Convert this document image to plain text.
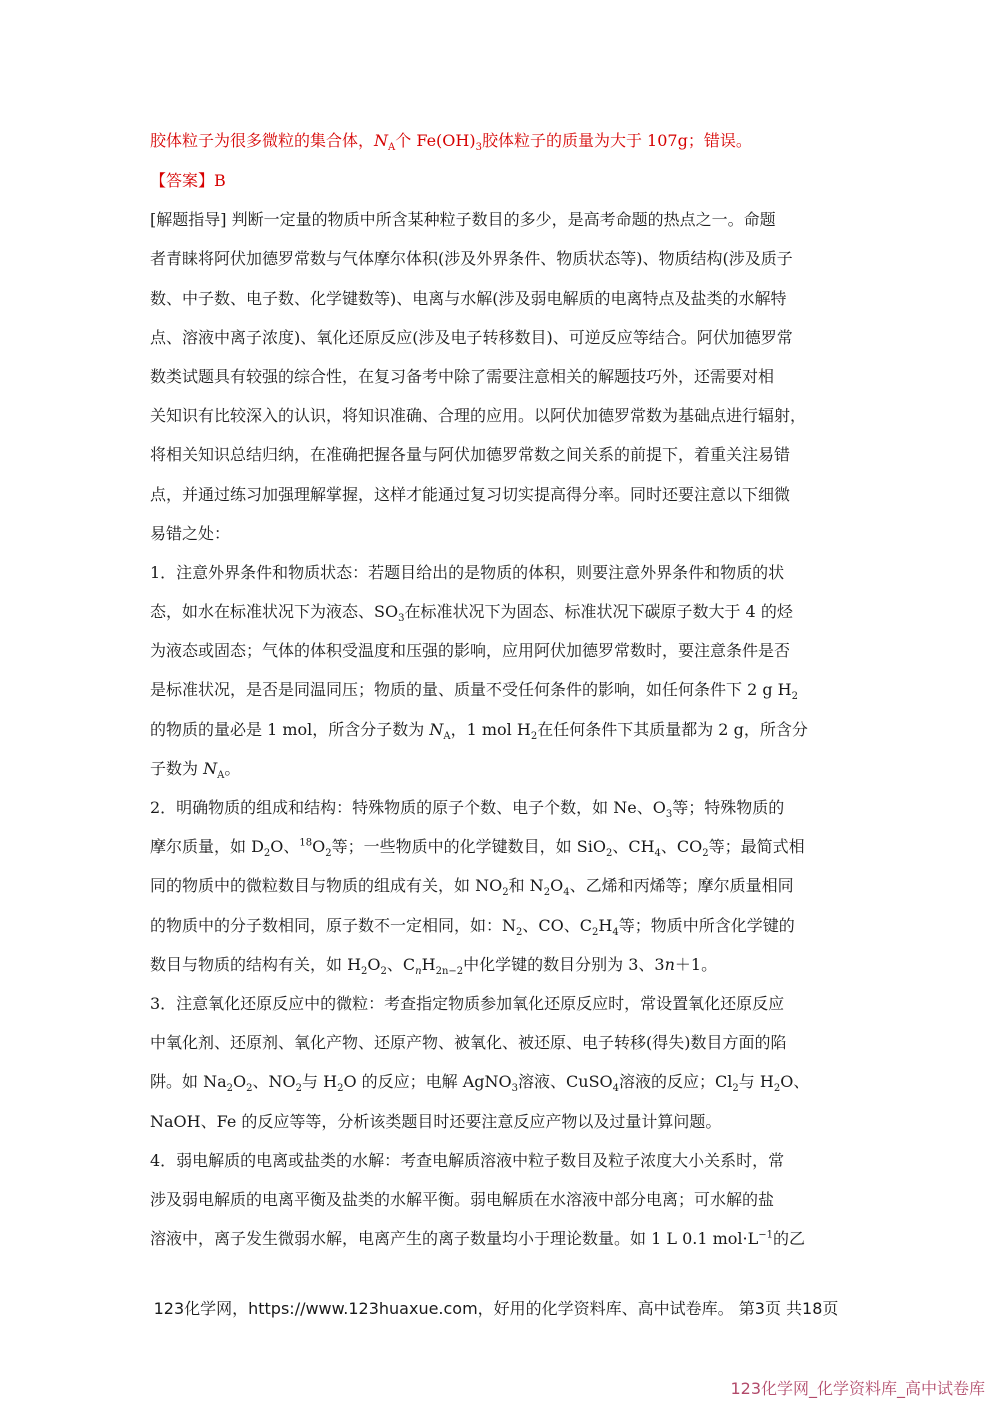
胶体粒子为很多微粒的集合体，$N_A$个 $Fe(OH)_3$胶体粒子的质量为大于 107g；错误。
【答案】B
[解题指导] 判断一定量的物质中所含某种粒子数目的多少，是高考命题的热点之一。命题
者青睐将阿伏加德罗常数与气体摩尔体积(涉及外界条件、物质状态等)、物质结构(涉及质子
数、中子数、电子数、化学键数等)、电离与水解(涉及弱电解质的电离特点及盐类的水解特
点、溶液中离子浓度)、氧化还原反应(涉及电子转移数目)、可逆反应等结合。阿伏加德罗常
数类试题具有较强的综合性，在复习备考中除了需要注意相关的解题技巧外，还需要对相
关知识有比较深入的认识，将知识准确、合理的应用。以阿伏加德罗常数为基础点进行辐射，
将相关知识总结归纳，在准确把握各量与阿伏加德罗常数之间关系的前提下，着重关注易错
点，并通过练习加强理解掌握，这样才能通过复习切实提高得分率。同时还要注意以下细微
易错之处：
1．注意外界条件和物质状态：若题目给出的是物质的体积，则要注意外界条件和物质的状
态，如水在标准状况下为液态、$SO_3$在标准状况下为固态、标准状况下碳原子数大于 4 的烃
为液态或固态；气体的体积受温度和压强的影响，应用阿伏加德罗常数时，要注意条件是否
是标准状况，是否是同温同压；物质的量、质量不受任何条件的影响，如任何条件下 2 g $H_2$
的物质的量必是 1 mol，所含分子数为 $N_A$，1 mol $H_2$在任何条件下其质量都为 2 g，所含分
子数为 $N_A$。
2．明确物质的组成和结构：特殊物质的原子个数、电子个数，如 Ne、$O_3$等；特殊物质的
摩尔质量，如 $D_2O$、$^{18}O_2$等；一些物质中的化学键数目，如 SiO$_2$、$CH_4$、$CO_2$等；最简式相
同的物质中的微粒数目与物质的组成有关，如 $NO_2$和 $N_2O_4$、乙烯和丙烯等；摩尔质量相同
的物质中的分子数相同，原子数不一定相同，如：$N_2$、CO、$C_2H_4$等；物质中所含化学键的
数目与物质的结构有关，如 $H_2O_2$、$C_nH_{2n-2}$中化学键的数目分别为 3、3n＋1。
3．注意氧化还原反应中的微粒：考查指定物质参加氧化还原反应时，常设置氧化还原反应
中氧化剂、还原剂、氧化产物、还原产物、被氧化、被还原、电子转移(得失)数目方面的陷
阱。如 $Na_2O_2$、$NO_2$与 $H_2O$ 的反应；电解 AgNO$_3$溶液、CuSO$_4$溶液的反应；$Cl_2$与 $H_2O$、
NaOH、Fe 的反应等等，分析该类题目时还要注意反应产物以及过量计算问题。
4．弱电解质的电离或盐类的水解：考查电解质溶液中粒子数目及粒子浓度大小关系时，常
涉及弱电解质的电离平衡及盐类的水解平衡。弱电解质在水溶液中部分电离；可水解的盐
溶液中，离子发生微弱水解，电离产生的离子数量均小于理论数量。如 1 L 0.1 $mol\cdot L^{-1}$的乙
123化学网，https://www.123huaxue.com，好用的化学资料库、高中试卷库。 第3页 共18页
123化学网_化学资料库_高中试卷库
